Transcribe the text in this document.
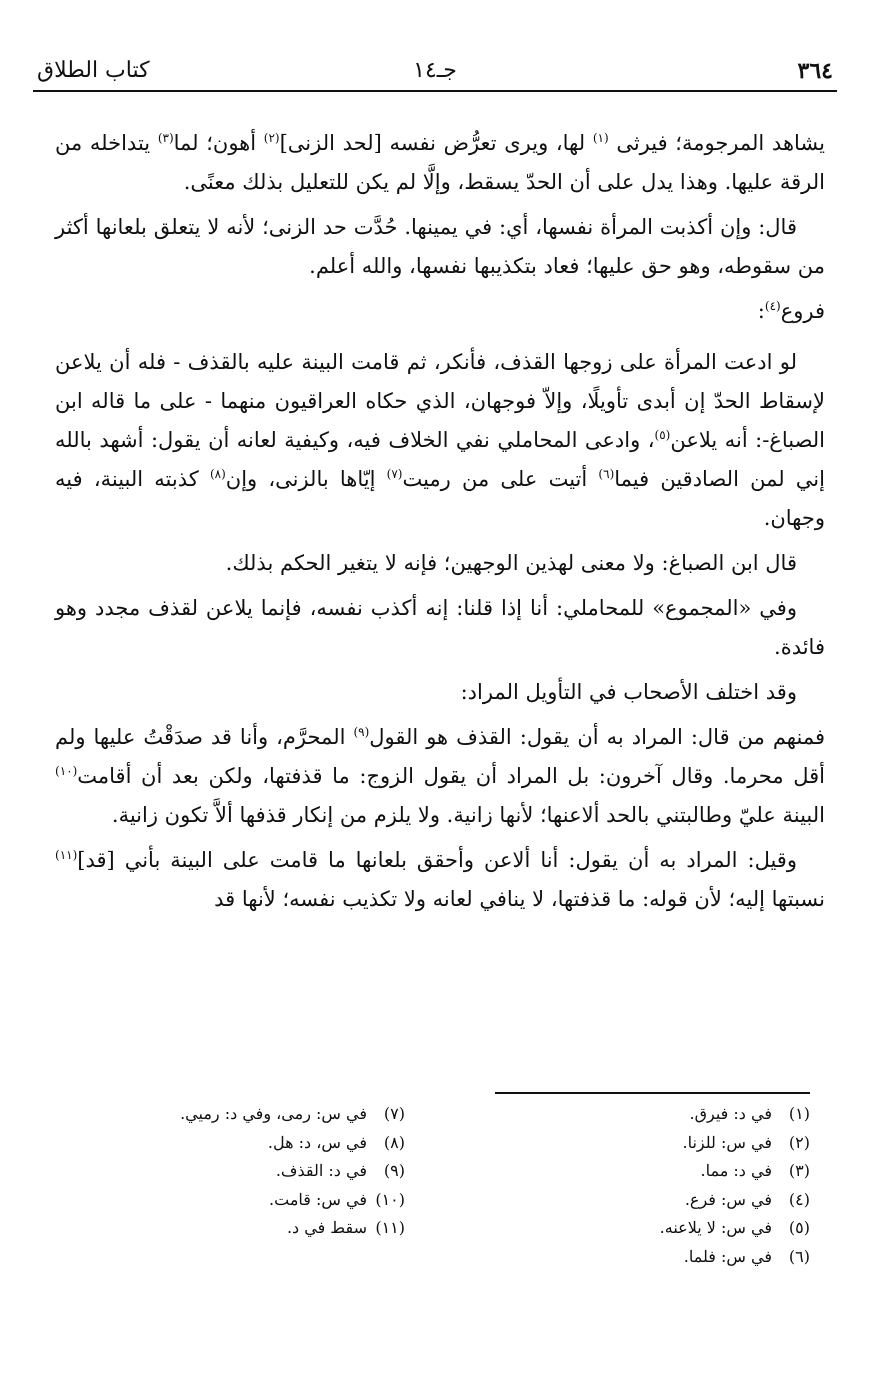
٣٦٤
جـ١٤
كتاب الطلاق

يشاهد المرجومة؛ فيرثى $^{(١)}$ لها، ويرى تعرُّض نفسه [لحد الزنى]$^{(٢)}$ أهون؛ لما$^{(٣)}$ يتداخله من الرقة عليها. وهذا يدل على أن الحدّ يسقط، وإلَّا لم يكن للتعليل بذلك معنًى.

قال: وإن أكذبت المرأة نفسها، أي: في يمينها. حُدَّت حد الزنى؛ لأنه لا يتعلق بلعانها أكثر من سقوطه، وهو حق عليها؛ فعاد بتكذيبها نفسها، والله أعلم.

فروع$^{(٤)}$:

لو ادعت المرأة على زوجها القذف، فأنكر، ثم قامت البينة عليه بالقذف - فله أن يلاعن لإسقاط الحدّ إن أبدى تأويلًا، وإلاّ فوجهان، الذي حكاه العراقيون منهما - على ما قاله ابن الصباغ-: أنه يلاعن$^{(٥)}$، وادعى المحاملي نفي الخلاف فيه، وكيفية لعانه أن يقول: أشهد بالله إني لمن الصادقين فيما$^{(٦)}$ أتيت على من رميت$^{(٧)}$ إيّاها بالزنى، وإن$^{(٨)}$ كذبته البينة، فيه وجهان.

قال ابن الصباغ: ولا معنى لهذين الوجهين؛ فإنه لا يتغير الحكم بذلك.

وفي «المجموع» للمحاملي: أنا إذا قلنا: إنه أكذب نفسه، فإنما يلاعن لقذف مجدد وهو فائدة.

وقد اختلف الأصحاب في التأويل المراد:

فمنهم من قال: المراد به أن يقول: القذف هو القول$^{(٩)}$ المحرَّم، وأنا قد صدَقْتُ عليها ولم أقل محرما. وقال آخرون: بل المراد أن يقول الزوج: ما قذفتها، ولكن بعد أن أقامت$^{(١٠)}$ البينة عليّ وطالبتني بالحد ألاعنها؛ لأنها زانية. ولا يلزم من إنكار قذفها ألاَّ تكون زانية.

وقيل: المراد به أن يقول: أنا ألاعن وأحقق بلعانها ما قامت على البينة بأني [قد]$^{(١١)}$ نسبتها إليه؛ لأن قوله: ما قذفتها، لا ينافي لعانه ولا تكذيب نفسه؛ لأنها قد

(١)في د: فيرق.
(٢)في س: للزنا.
(٣)في د: مما.
(٤)في س: فرع.
(٥)في س: لا يلاعنه.
(٦)في س: فلما.
(٧)في س: رمى، وفي د: رميي.
(٨)في س، د: هل.
(٩)في د: القذف.
(١٠)في س: قامت.
(١١)سقط في د.
